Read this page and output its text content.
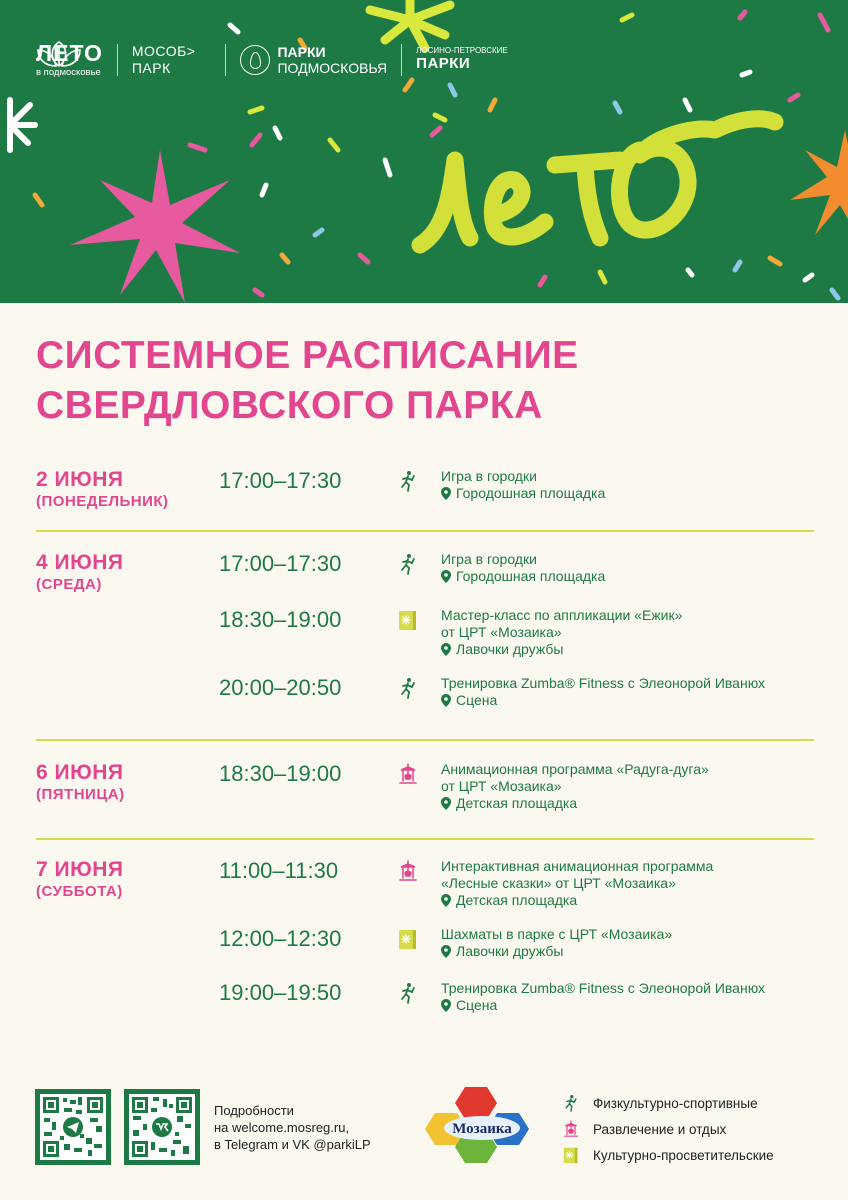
ЛЕТО
в подмосковье
МОСОБ>
ПАРК
ПАРКИ
ПОДМОСКОВЬЯ
ЛОСИНО-ПЕТРОВСКИЕ
ПАРКИ
СИСТЕМНОЕ РАСПИСАНИЕ
СВЕРДЛОВСКОГО ПАРКА
2 ИЮНЯ
(ПОНЕДЕЛЬНИК)
17:00–17:30	Игра в городки
Городошная площадка
4 ИЮНЯ
(СРЕДА)
17:00–17:30	Игра в городки
Городошная площадка
18:30–19:00	Мастер-класс по аппликации «Ежик»
от ЦРТ «Мозаика»
Лавочки дружбы
20:00–20:50	Тренировка Zumba® Fitness с Элеонорой Иванюх
Сцена
6 ИЮНЯ
(ПЯТНИЦА)
18:30–19:00	Анимационная программа «Радуга-дуга»
от ЦРТ «Мозаика»
Детская площадка
7 ИЮНЯ
(СУББОТА)
11:00–11:30	Интерактивная анимационная программа
«Лесные сказки» от ЦРТ «Мозаика»
Детская площадка
12:00–12:30	Шахматы в парке с ЦРТ «Мозаика»
Лавочки дружбы
19:00–19:50	Тренировка Zumba® Fitness с Элеонорой Иванюх
Сцена
Подробности
на welcome.mosreg.ru,
в Telegram и VK @parkiLP
Мозаика
Физкультурно-спортивные
Развлечение и отдых
Культурно-просветительские
